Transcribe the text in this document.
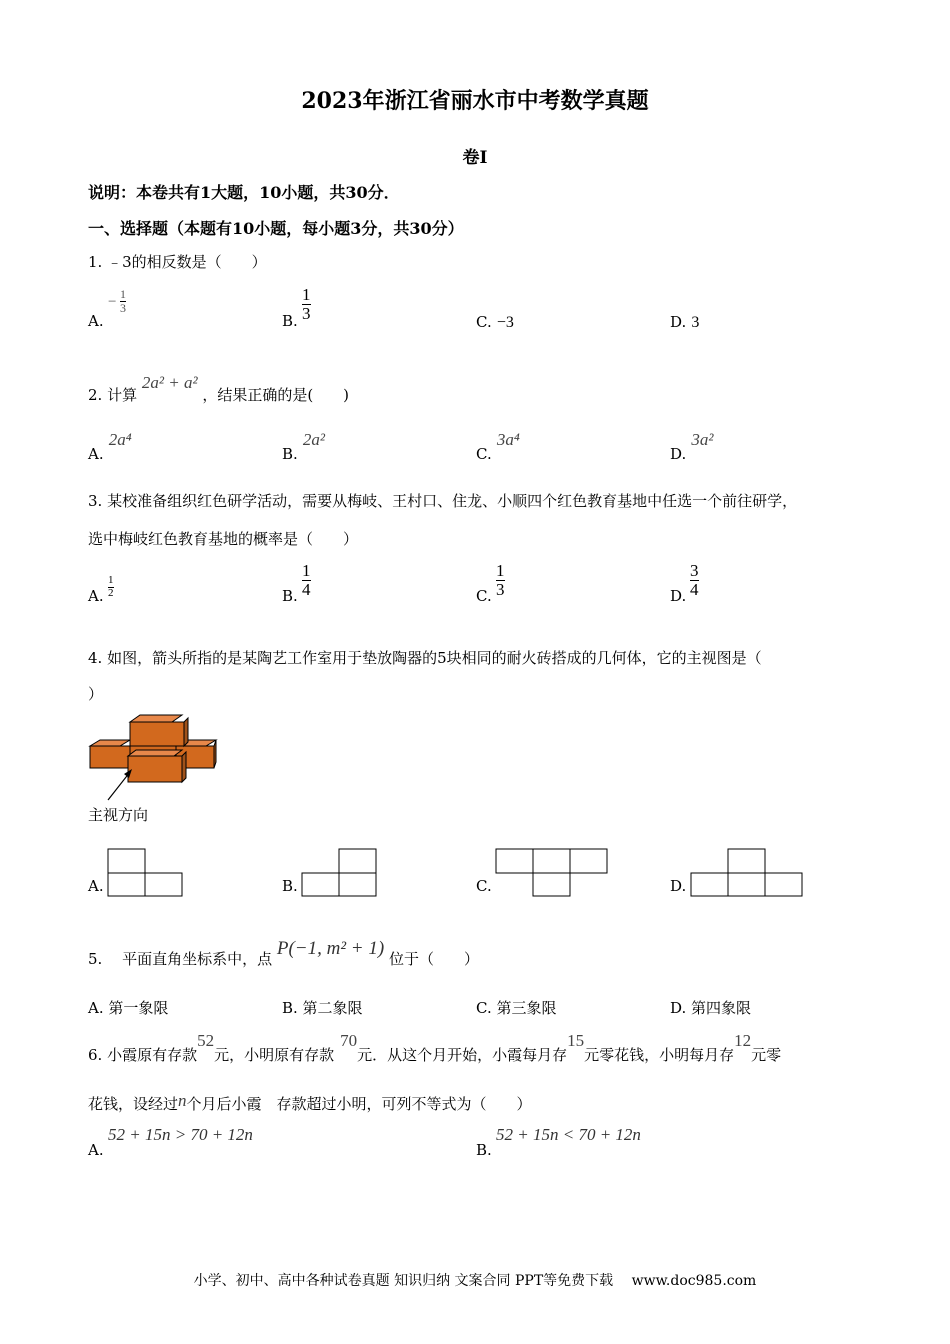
2023年浙江省丽水市中考数学真题
卷Ⅰ
说明：本卷共有1大题，10小题，共30分．
一、选择题（本题有10小题，每小题3分，共30分）
1. ﹣3的相反数是（　　）
A.
− 1
3
B.
1
3	C. −3	D. 3
2. 计算 2a² + a² ，结果正确的是(　　)
A. 2a⁴
B. 2a²
C. 3a⁴
D. 3a²
3. 某校准备组织红色研学活动，需要从梅岐、王村口、住龙、小顺四个红色教育基地中任选一个前往研学，
选中梅岐红色教育基地的概率是（　　）
A.
1
2	B.
1
4	C.
1
3	D.
3
4
4. 如图，箭头所指的是某陶艺工作室用于垫放陶器的5块相同的耐火砖搭成的几何体，它的主视图是（
）
主视方向
A.	B.	C.	D.
5.　 平面直角坐标系中，点 P(−1, m² + 1) 位于（　　）
A. 第一象限	B. 第二象限	C. 第三象限	D. 第四象限
6. 小霞原有存款52元，小明原有存款70元．从这个月开始，小霞每月存15元零花钱，小明每月存12元零
花钱，设经过n个月后小霞　存款超过小明，可列不等式为（　　）
A.
52 + 15n > 70 + 12n
B.
52 + 15n < 70 + 12n
小学、初中、高中各种试卷真题 知识归纳 文案合同 PPT等免费下载　 www.doc985.com
